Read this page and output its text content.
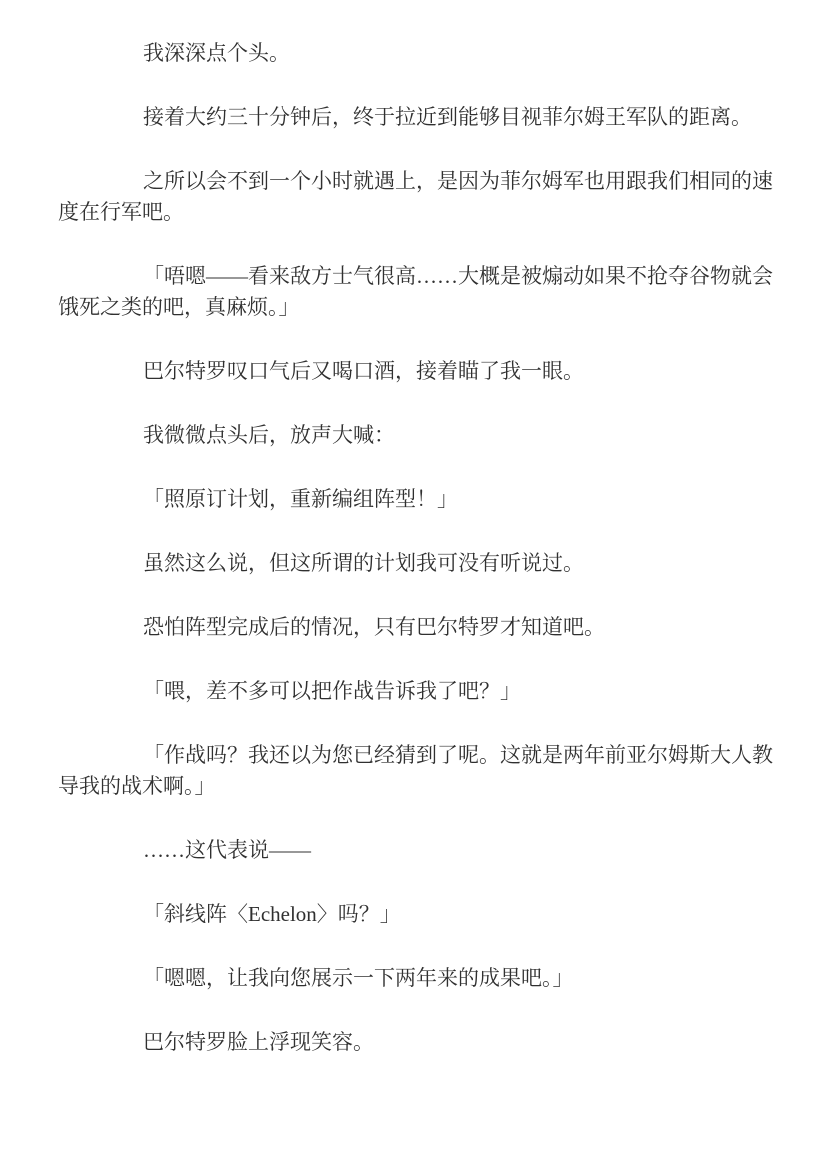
我深深点个头。

接着大约三十分钟后，终于拉近到能够目视菲尔姆王军队的距离。

之所以会不到一个小时就遇上，是因为菲尔姆军也用跟我们相同的速度在行军吧。

「唔嗯——看来敌方士气很高……大概是被煽动如果不抢夺谷物就会饿死之类的吧，真麻烦。」

巴尔特罗叹口气后又喝口酒，接着瞄了我一眼。

我微微点头后，放声大喊：

「照原订计划，重新编组阵型！」

虽然这么说，但这所谓的计划我可没有听说过。

恐怕阵型完成后的情况，只有巴尔特罗才知道吧。

「喂，差不多可以把作战告诉我了吧？」

「作战吗？我还以为您已经猜到了呢。这就是两年前亚尔姆斯大人教导我的战术啊。」

……这代表说——

「斜线阵〈Echelon〉吗？」

「嗯嗯，让我向您展示一下两年来的成果吧。」

巴尔特罗脸上浮现笑容。
